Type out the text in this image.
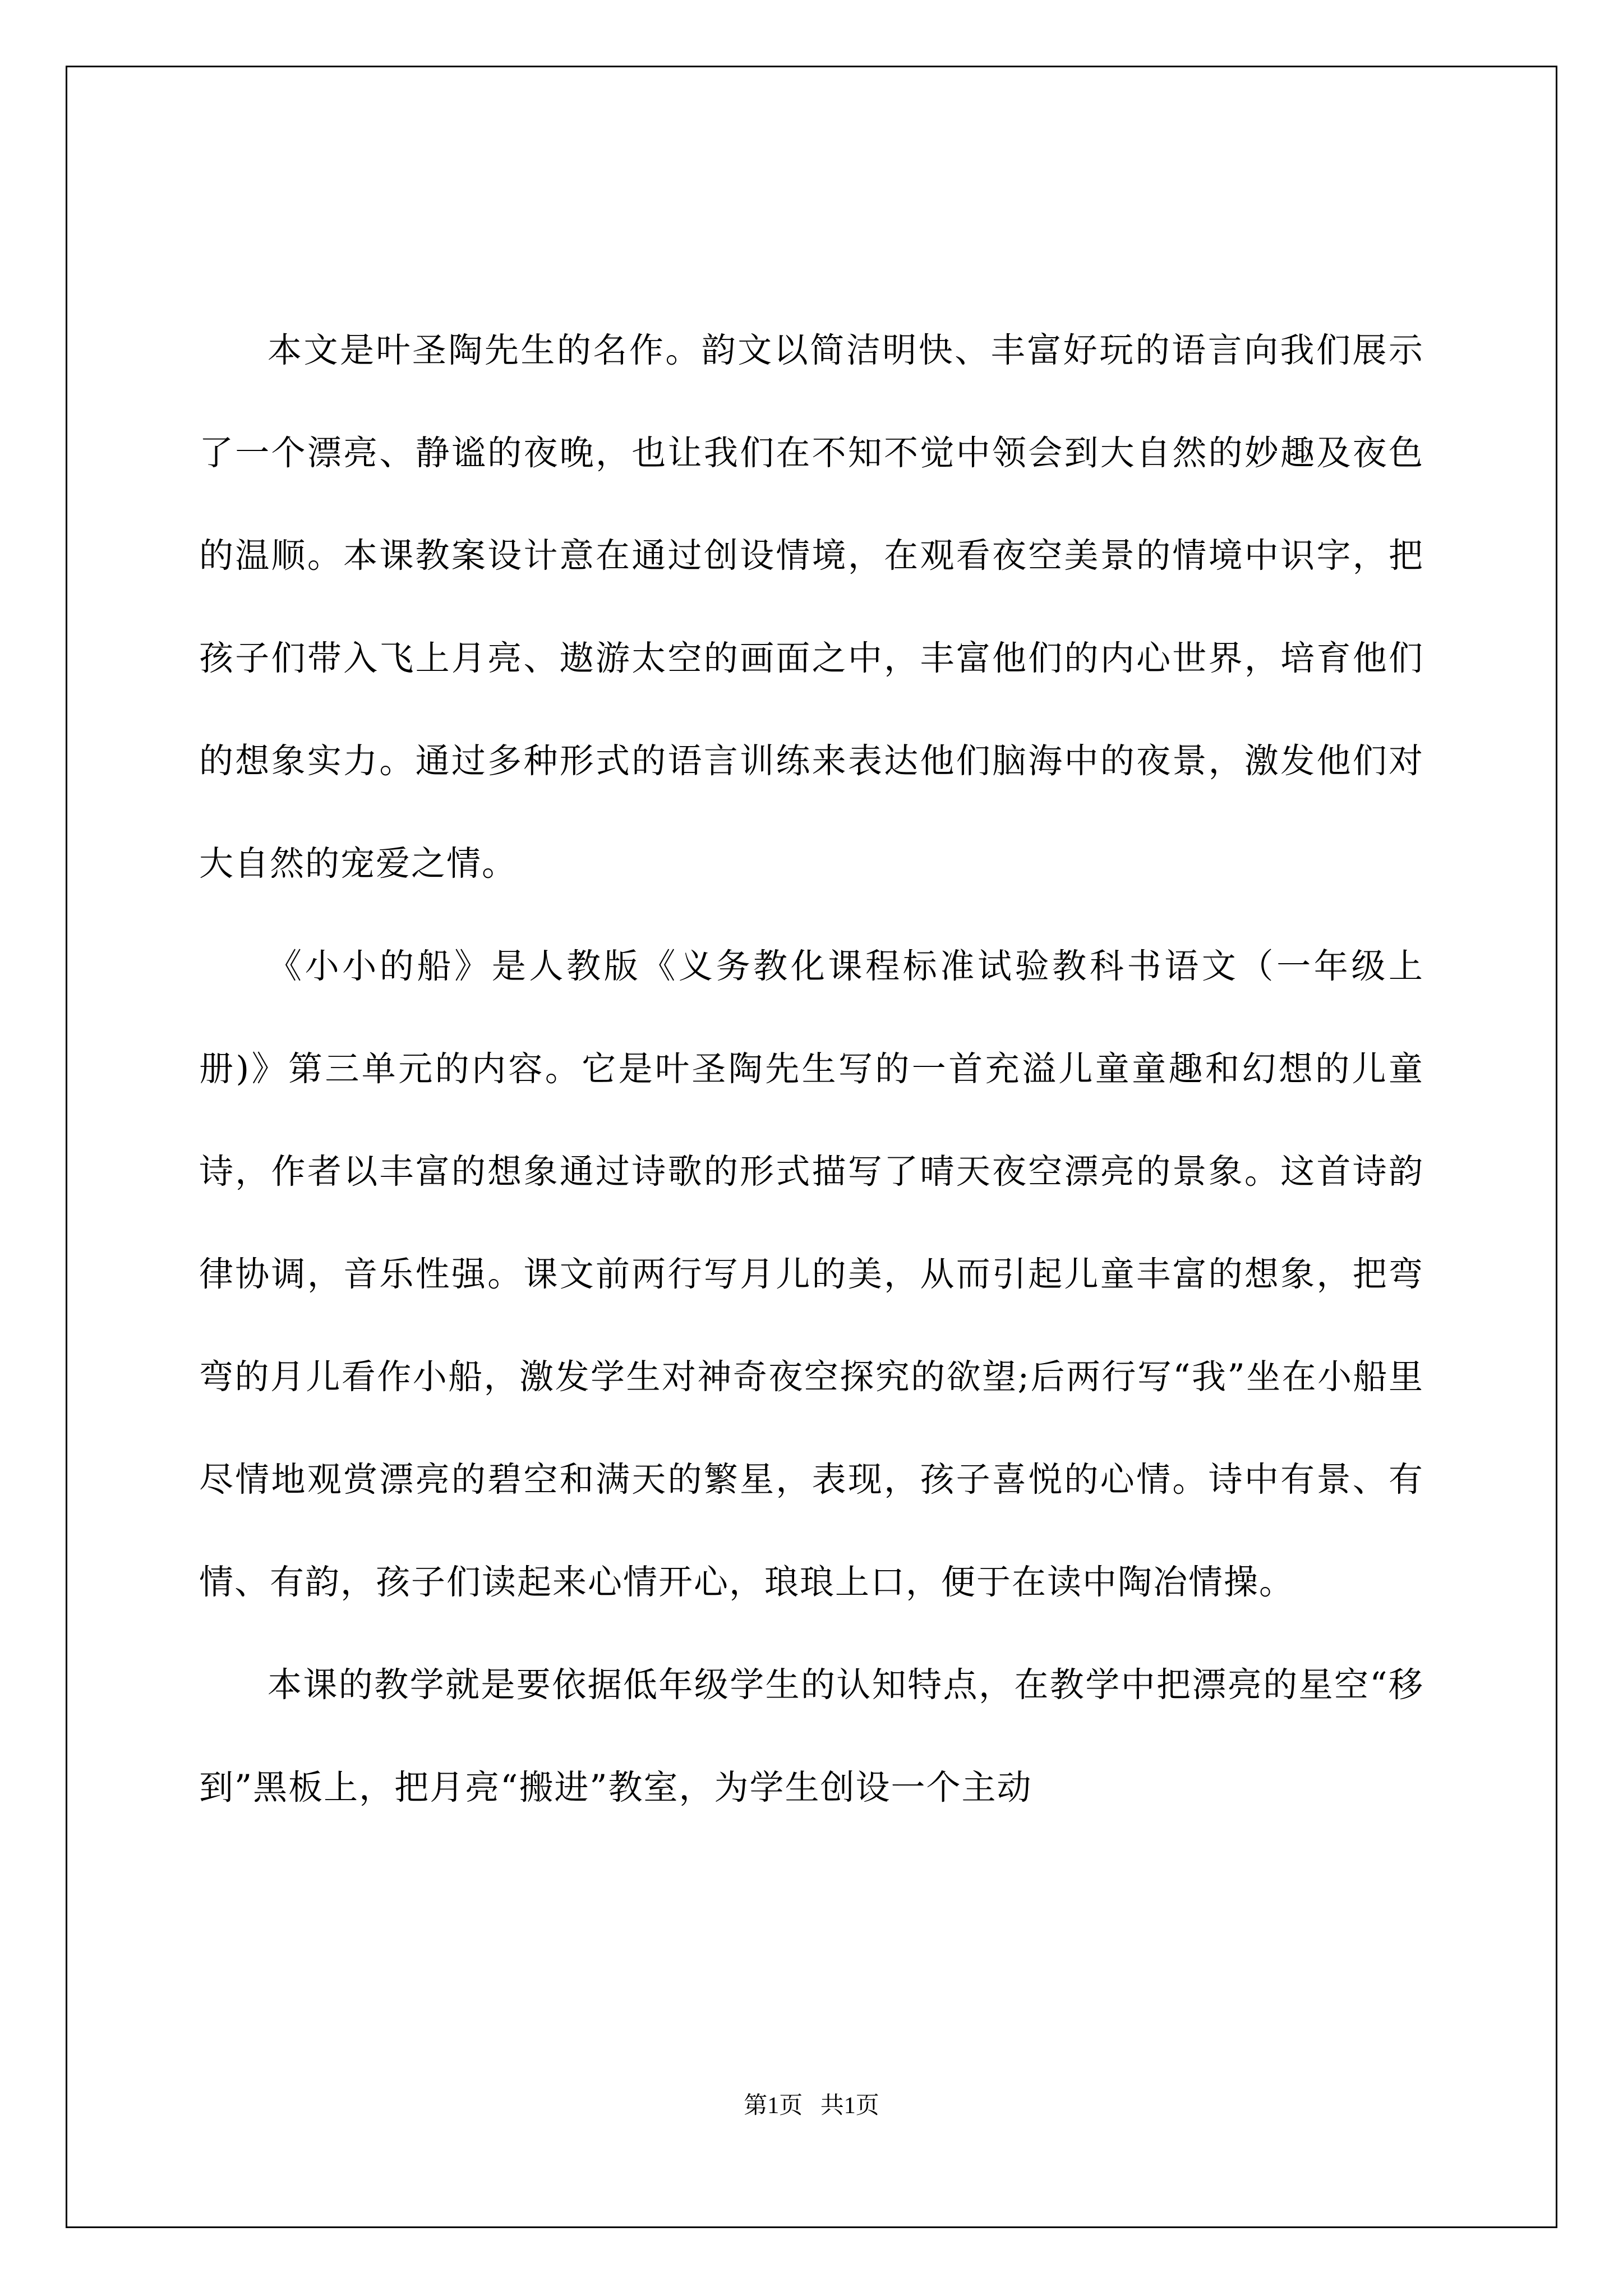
本文是叶圣陶先生的名作。韵文以简洁明快、丰富好玩的语言向我们展示了一个漂亮、静谧的夜晚，也让我们在不知不觉中领会到大自然的妙趣及夜色的温顺。本课教案设计意在通过创设情境，在观看夜空美景的情境中识字，把孩子们带入飞上月亮、遨游太空的画面之中，丰富他们的内心世界，培育他们的想象实力。通过多种形式的语言训练来表达他们脑海中的夜景，激发他们对大自然的宠爱之情。

《小小的船》是人教版《义务教化课程标准试验教科书语文（一年级上册)》第三单元的内容。它是叶圣陶先生写的一首充溢儿童童趣和幻想的儿童诗，作者以丰富的想象通过诗歌的形式描写了晴天夜空漂亮的景象。这首诗韵律协调，音乐性强。课文前两行写月儿的美，从而引起儿童丰富的想象，把弯弯的月儿看作小船，激发学生对神奇夜空探究的欲望;后两行写“我”坐在小船里尽情地观赏漂亮的碧空和满天的繁星，表现，孩子喜悦的心情。诗中有景、有情、有韵，孩子们读起来心情开心，琅琅上口，便于在读中陶冶情操。

本课的教学就是要依据低年级学生的认知特点，在教学中把漂亮的星空“移到”黑板上，把月亮“搬进”教室，为学生创设一个主动

第1页   共1页
